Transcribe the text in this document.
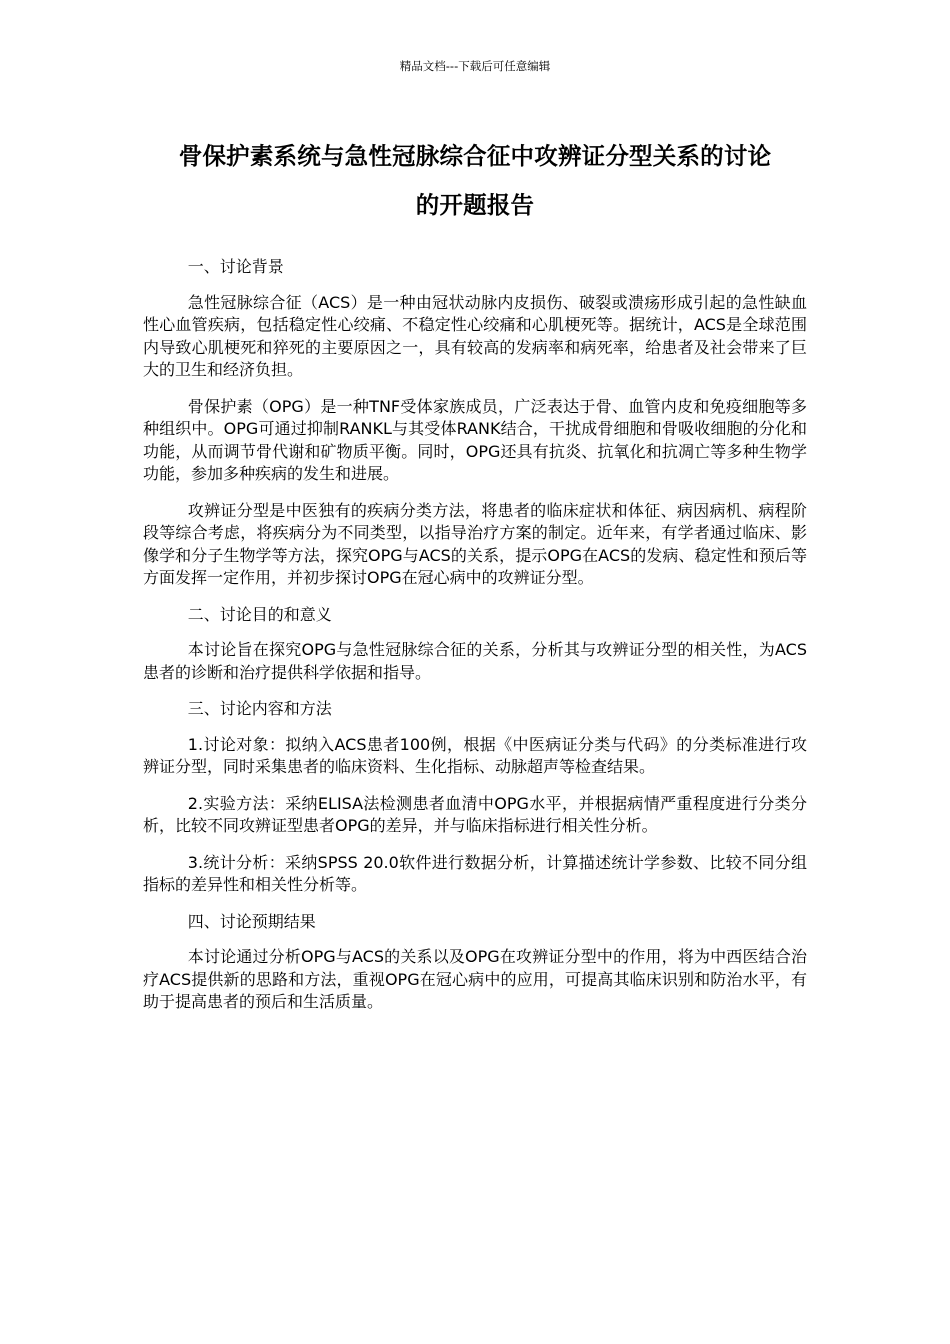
精品文档---下载后可任意编辑
骨保护素系统与急性冠脉综合征中攻辨证分型关系的讨论
的开题报告

一、讨论背景

急性冠脉综合征（ACS）是一种由冠状动脉内皮损伤、破裂或溃疡形成引起的急性缺血性心血管疾病，包括稳定性心绞痛、不稳定性心绞痛和心肌梗死等。据统计，ACS是全球范围内导致心肌梗死和猝死的主要原因之一，具有较高的发病率和病死率，给患者及社会带来了巨大的卫生和经济负担。

骨保护素（OPG）是一种TNF受体家族成员，广泛表达于骨、血管内皮和免疫细胞等多种组织中。OPG可通过抑制RANKL与其受体RANK结合，干扰成骨细胞和骨吸收细胞的分化和功能，从而调节骨代谢和矿物质平衡。同时，OPG还具有抗炎、抗氧化和抗凋亡等多种生物学功能，参加多种疾病的发生和进展。

攻辨证分型是中医独有的疾病分类方法，将患者的临床症状和体征、病因病机、病程阶段等综合考虑，将疾病分为不同类型，以指导治疗方案的制定。近年来，有学者通过临床、影像学和分子生物学等方法，探究OPG与ACS的关系，提示OPG在ACS的发病、稳定性和预后等方面发挥一定作用，并初步探讨OPG在冠心病中的攻辨证分型。

二、讨论目的和意义

本讨论旨在探究OPG与急性冠脉综合征的关系，分析其与攻辨证分型的相关性，为ACS患者的诊断和治疗提供科学依据和指导。

三、讨论内容和方法

1.讨论对象：拟纳入ACS患者100例，根据《中医病证分类与代码》的分类标准进行攻辨证分型，同时采集患者的临床资料、生化指标、动脉超声等检查结果。

2.实验方法：采纳ELISA法检测患者血清中OPG水平，并根据病情严重程度进行分类分析，比较不同攻辨证型患者OPG的差异，并与临床指标进行相关性分析。

3.统计分析：采纳SPSS 20.0软件进行数据分析，计算描述统计学参数、比较不同分组指标的差异性和相关性分析等。

四、讨论预期结果

本讨论通过分析OPG与ACS的关系以及OPG在攻辨证分型中的作用，将为中西医结合治疗ACS提供新的思路和方法，重视OPG在冠心病中的应用，可提高其临床识别和防治水平，有助于提高患者的预后和生活质量。
